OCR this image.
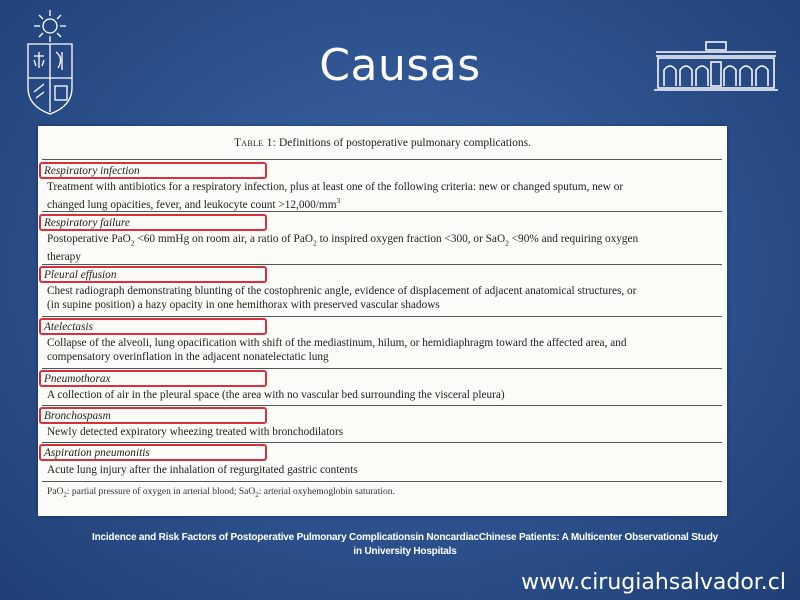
Causas
Table 1: Definitions of postoperative pulmonary complications.
Respiratory infection
Treatment with antibiotics for a respiratory infection, plus at least one of the following criteria: new or changed sputum, new or
changed lung opacities, fever, and leukocyte count $>12,000/mm^3$
Respiratory failure
Postoperative PaO$_2$ <60 mmHg on room air, a ratio of PaO$_2$ to inspired oxygen fraction <300, or SaO$_2$ <90% and requiring oxygen
therapy
Pleural effusion
Chest radiograph demonstrating blunting of the costophrenic angle, evidence of displacement of adjacent anatomical structures, or
(in supine position) a hazy opacity in one hemithorax with preserved vascular shadows
Atelectasis
Collapse of the alveoli, lung opacification with shift of the mediastinum, hilum, or hemidiaphragm toward the affected area, and
compensatory overinflation in the adjacent nonatelectatic lung
Pneumothorax
A collection of air in the pleural space (the area with no vascular bed surrounding the visceral pleura)
Bronchospasm
Newly detected expiratory wheezing treated with bronchodilators
Aspiration pneumonitis
Acute lung injury after the inhalation of regurgitated gastric contents
PaO$_2$: partial pressure of oxygen in arterial blood; SaO$_2$: arterial oxyhemoglobin saturation.
Incidence and Risk Factors of Postoperative Pulmonary Complicationsin NoncardiacChinese Patients: A Multicenter Observational Study
in University Hospitals
www.cirugiahsalvador.cl
